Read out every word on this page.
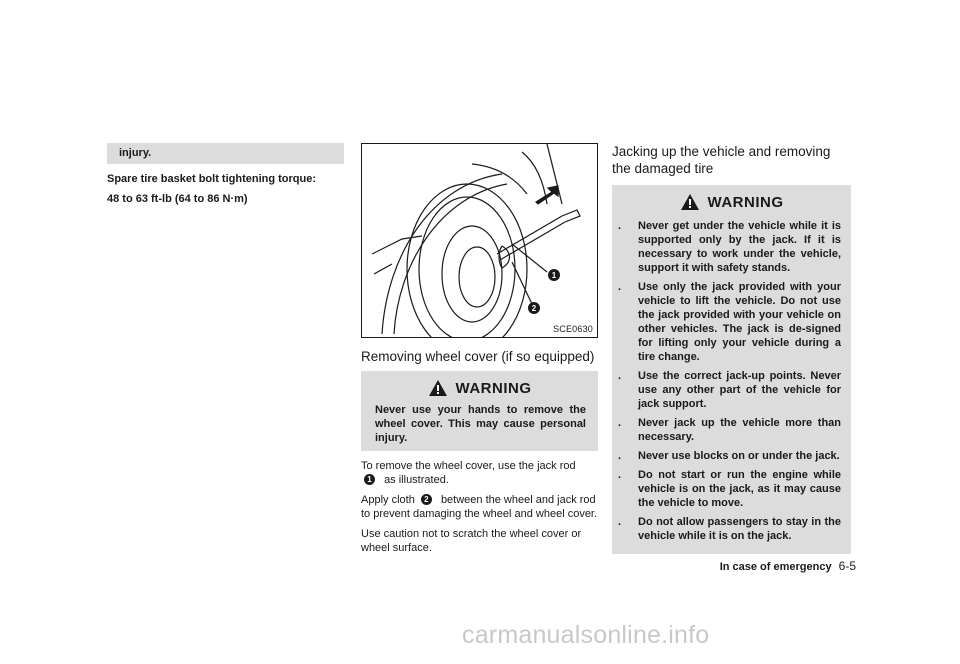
injury.

Spare tire basket bolt tightening torque:

48 to 63 ft-lb (64 to 86 N·m)

1
2
SCE0630
Removing wheel cover (if so equipped)
WARNING
Never use your hands to remove the wheel cover. This may cause personal injury.

To remove the wheel cover, use the jack rod 1 as illustrated.

Apply cloth 2 between the wheel and jack rod to prevent damaging the wheel and wheel cover.

Use caution not to scratch the wheel cover or wheel surface.

Jacking up the vehicle and removing the damaged tire
WARNING
. Never get under the vehicle while it is supported only by the jack. If it is necessary to work under the vehicle, support it with safety stands.
. Use only the jack provided with your vehicle to lift the vehicle. Do not use the jack provided with your vehicle on other vehicles. The jack is de-signed for lifting only your vehicle during a tire change.
. Use the correct jack-up points. Never use any other part of the vehicle for jack support.
. Never jack up the vehicle more than necessary.
. Never use blocks on or under the jack.
. Do not start or run the engine while vehicle is on the jack, as it may cause the vehicle to move.
. Do not allow passengers to stay in the vehicle while it is on the jack.
In case of emergency 6-5
carmanualsonline.info
